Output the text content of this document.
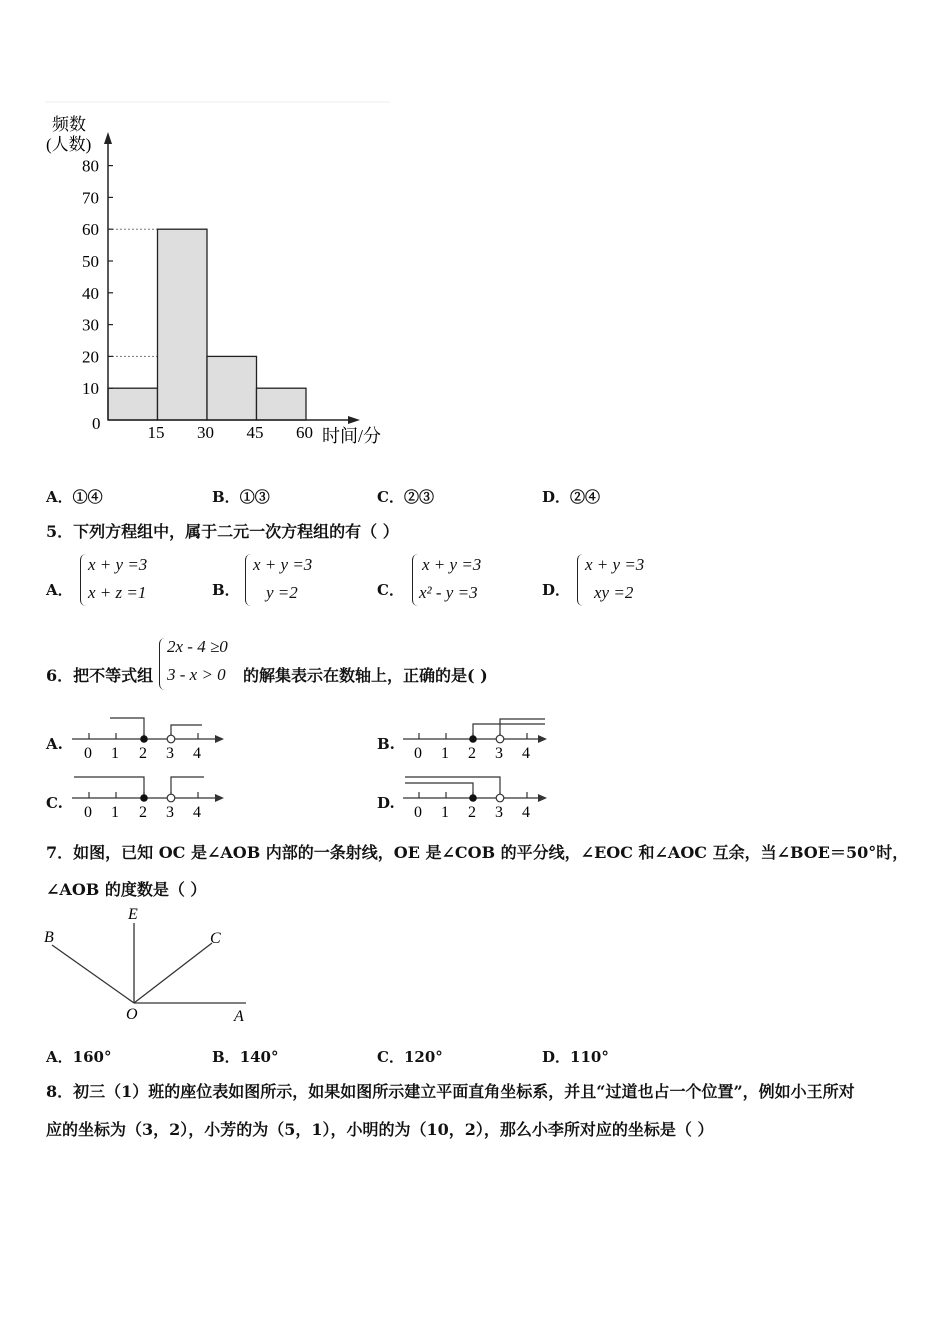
频数
(人数)
80
70
60
50
40
30
20
10
15 30 45 60
0
时间/分
A．①④	B．①③	C．②③	D．②④
5．下列方程组中，属于二元一次方程组的有（ ）
A．
x + y =3
x + z =1	B．
x + y =3
y =2	C．
x + y =3
x² - y =3	D．
x + y =3
xy =2
6．把不等式组
2x - 4 ≥0
3 - x > 0 的解集表示在数轴上，正确的是( )
A.
0 1 2 3 4
B.
0 1 2 3 4
C.
0 1 2 3 4
D.
0 1 2 3 4
7．如图，已知 OC 是∠AOB 内部的一条射线，OE 是∠COB 的平分线，∠EOC 和∠AOC 互余，当∠BOE＝50°时，
∠AOB 的度数是（ ）
B
E
C
O	A
A．160°	B．140°	C．120°	D．110°
8．初三（1）班的座位表如图所示，如果如图所示建立平面直角坐标系，并且“过道也占一个位置”，例如小王所对
应的坐标为（3，2），小芳的为（5，1），小明的为（10，2），那么小李所对应的坐标是（ ）
